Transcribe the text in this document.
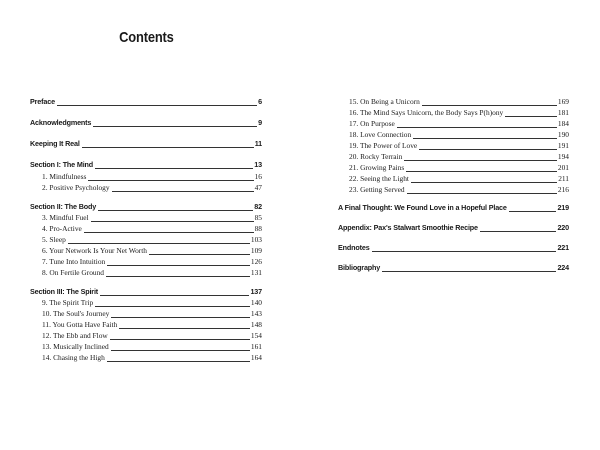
Contents
Preface	6
Acknowledgments	9
Keeping It Real	11
Section I: The Mind	13
1. Mindfulness	16
2. Positive Psychology	47
Section II: The Body	82
3. Mindful Fuel	85
4. Pro-Active	88
5. Sleep	103
6. Your Network Is Your Net Worth	109
7. Tune Into Intuition	126
8. On Fertile Ground	131
Section III: The Spirit	137
9. The Spirit Trip	140
10. The Soul's Journey	143
11. You Gotta Have Faith	148
12. The Ebb and Flow	154
13. Musically Inclined	161
14. Chasing the High	164
15. On Being a Unicorn	169
16. The Mind Says Unicorn, the Body Says P(h)ony	181
17. On Purpose	184
18. Love Connection	190
19. The Power of Love	191
20. Rocky Terrain	194
21. Growing Pains	201
22. Seeing the Light	211
23. Getting Served	216
A Final Thought: We Found Love in a Hopeful Place	219
Appendix: Pax's Stalwart Smoothie Recipe	220
Endnotes	221
Bibliography	224
